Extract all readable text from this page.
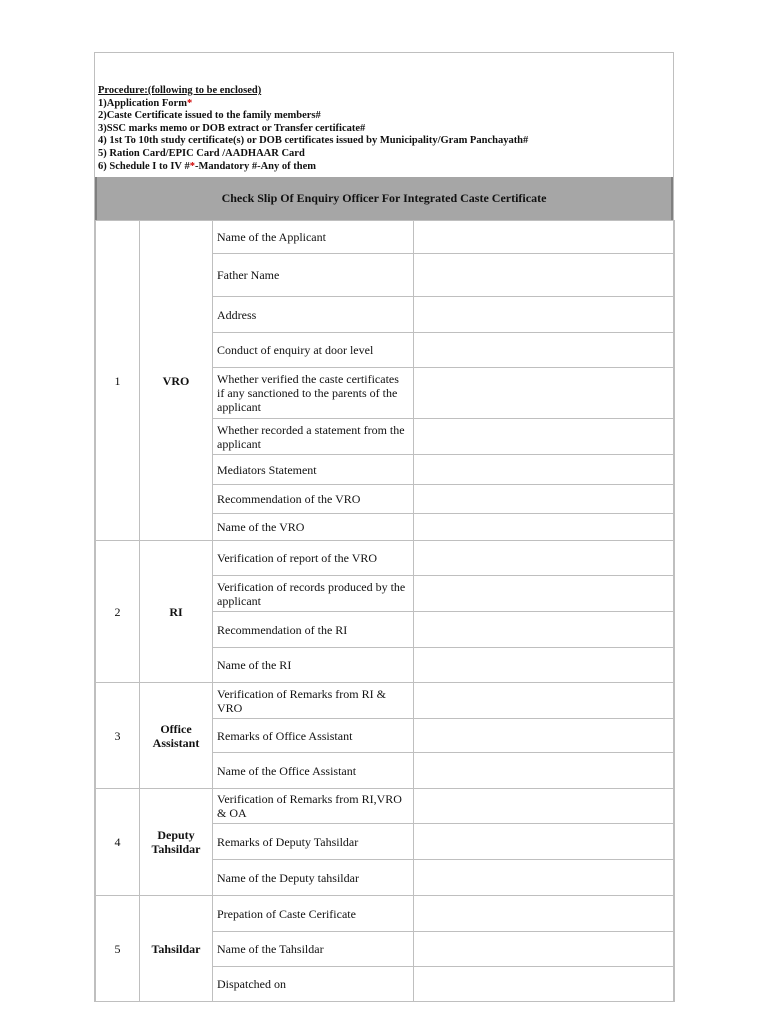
Procedure:(following to be enclosed)
1)Application Form*
2)Caste Certificate issued to the family members#
3)SSC marks memo or DOB extract or Transfer certificate#
4) 1st To 10th study certificate(s) or DOB certificates issued by Municipality/Gram Panchayath#
5) Ration Card/EPIC Card /AADHAAR Card
6) Schedule I to IV #*-Mandatory #-Any of them
Check Slip Of Enquiry Officer For Integrated Caste Certificate
1	VRO	Name of the Applicant	
		Father Name	
		Address	
		Conduct of enquiry at door level	
		Whether verified the caste certificates if any sanctioned to the parents of the applicant	
		Whether recorded a statement from the applicant	
		Mediators Statement	
		Recommendation of the VRO	
		Name of the VRO	
2	RI	Verification of report of the VRO	
		Verification of records produced by the applicant	
		Recommendation of the RI	
		Name of the RI	
3	Office Assistant	Verification of Remarks from RI & VRO	
		Remarks of Office Assistant	
		Name of the Office Assistant	
4	Deputy Tahsildar	Verification of Remarks from RI,VRO & OA	
		Remarks of Deputy Tahsildar	
		Name of the Deputy tahsildar	
5	Tahsildar	Prepation of Caste Cerificate	
		Name of the Tahsildar	
		Dispatched on	
